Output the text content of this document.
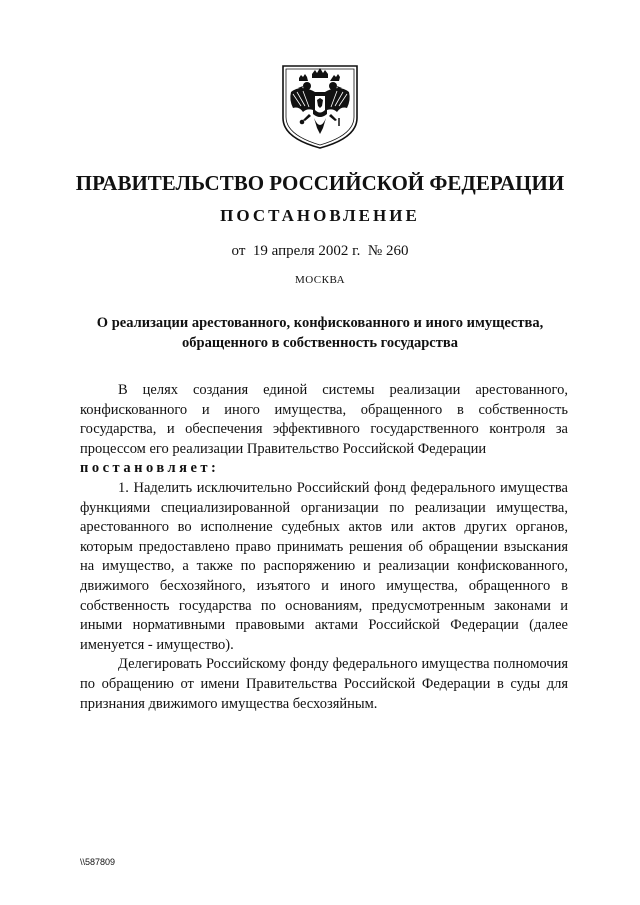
ПРАВИТЕЛЬСТВО РОССИЙСКОЙ ФЕДЕРАЦИИ
ПОСТАНОВЛЕНИЕ
от  19 апреля 2002 г.  № 260
МОСКВА
О реализации арестованного, конфискованного и иного имущества,
обращенного в собственность государства

В целях создания единой системы реализации арестованного, конфискованного и иного имущества, обращенного в собственность государства, и обеспечения эффективного государственного контроля за процессом его реализации Правительство Российской Федерации
постановляет:

1. Наделить исключительно Российский фонд федерального имущества функциями специализированной организации по реализации имущества, арестованного во исполнение судебных актов или актов других органов, которым предоставлено право принимать решения об обращении взыскания на имущество, а также по распоряжению и реализации конфискованного, движимого бесхозяйного, изъятого и иного имущества, обращенного в собственность государства по основаниям, предусмотренным законами и иными нормативными правовыми актами Российской Федерации (далее именуется - имущество).

Делегировать Российскому фонду федерального имущества полномочия по обращению от имени Правительства Российской Федерации в суды для признания движимого имущества бесхозяйным.

\\587809
